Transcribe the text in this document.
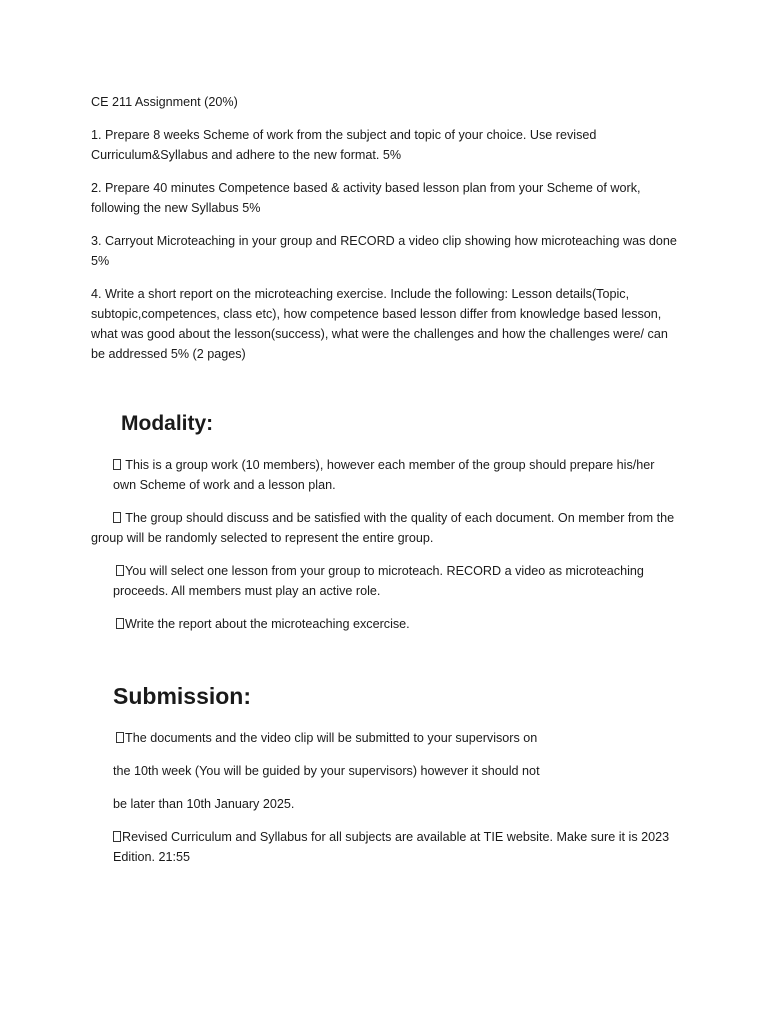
CE 211 Assignment (20%)

1. Prepare 8 weeks Scheme of work from the subject and topic of your choice. Use revised Curriculum&Syllabus and adhere to the new format. 5%

2. Prepare 40 minutes Competence based & activity based lesson plan from your Scheme of work, following the new Syllabus 5%

3. Carryout Microteaching in your group and RECORD a video clip showing how microteaching was done 5%

4. Write a short report on the microteaching exercise. Include the following: Lesson details(Topic, subtopic,competences, class etc), how competence based lesson differ from knowledge based lesson, what was good about the lesson(success), what were the challenges and how the challenges were/ can be addressed 5% (2 pages)

Modality:

This is a group work (10 members), however each member of the group should prepare his/her own Scheme of work and a lesson plan.

The group should discuss and be satisfied with the quality of each document. On member from the group will be randomly selected to represent the entire group.

You will select one lesson from your group to microteach. RECORD a video as microteaching proceeds. All members must play an active role.

Write the report about the microteaching excercise.

Submission:

The documents and the video clip will be submitted to your supervisors on

the 10th week (You will be guided by your supervisors) however it should not

be later than 10th January 2025.

Revised Curriculum and Syllabus for all subjects are available at TIE website. Make sure it is 2023 Edition. 21:55
